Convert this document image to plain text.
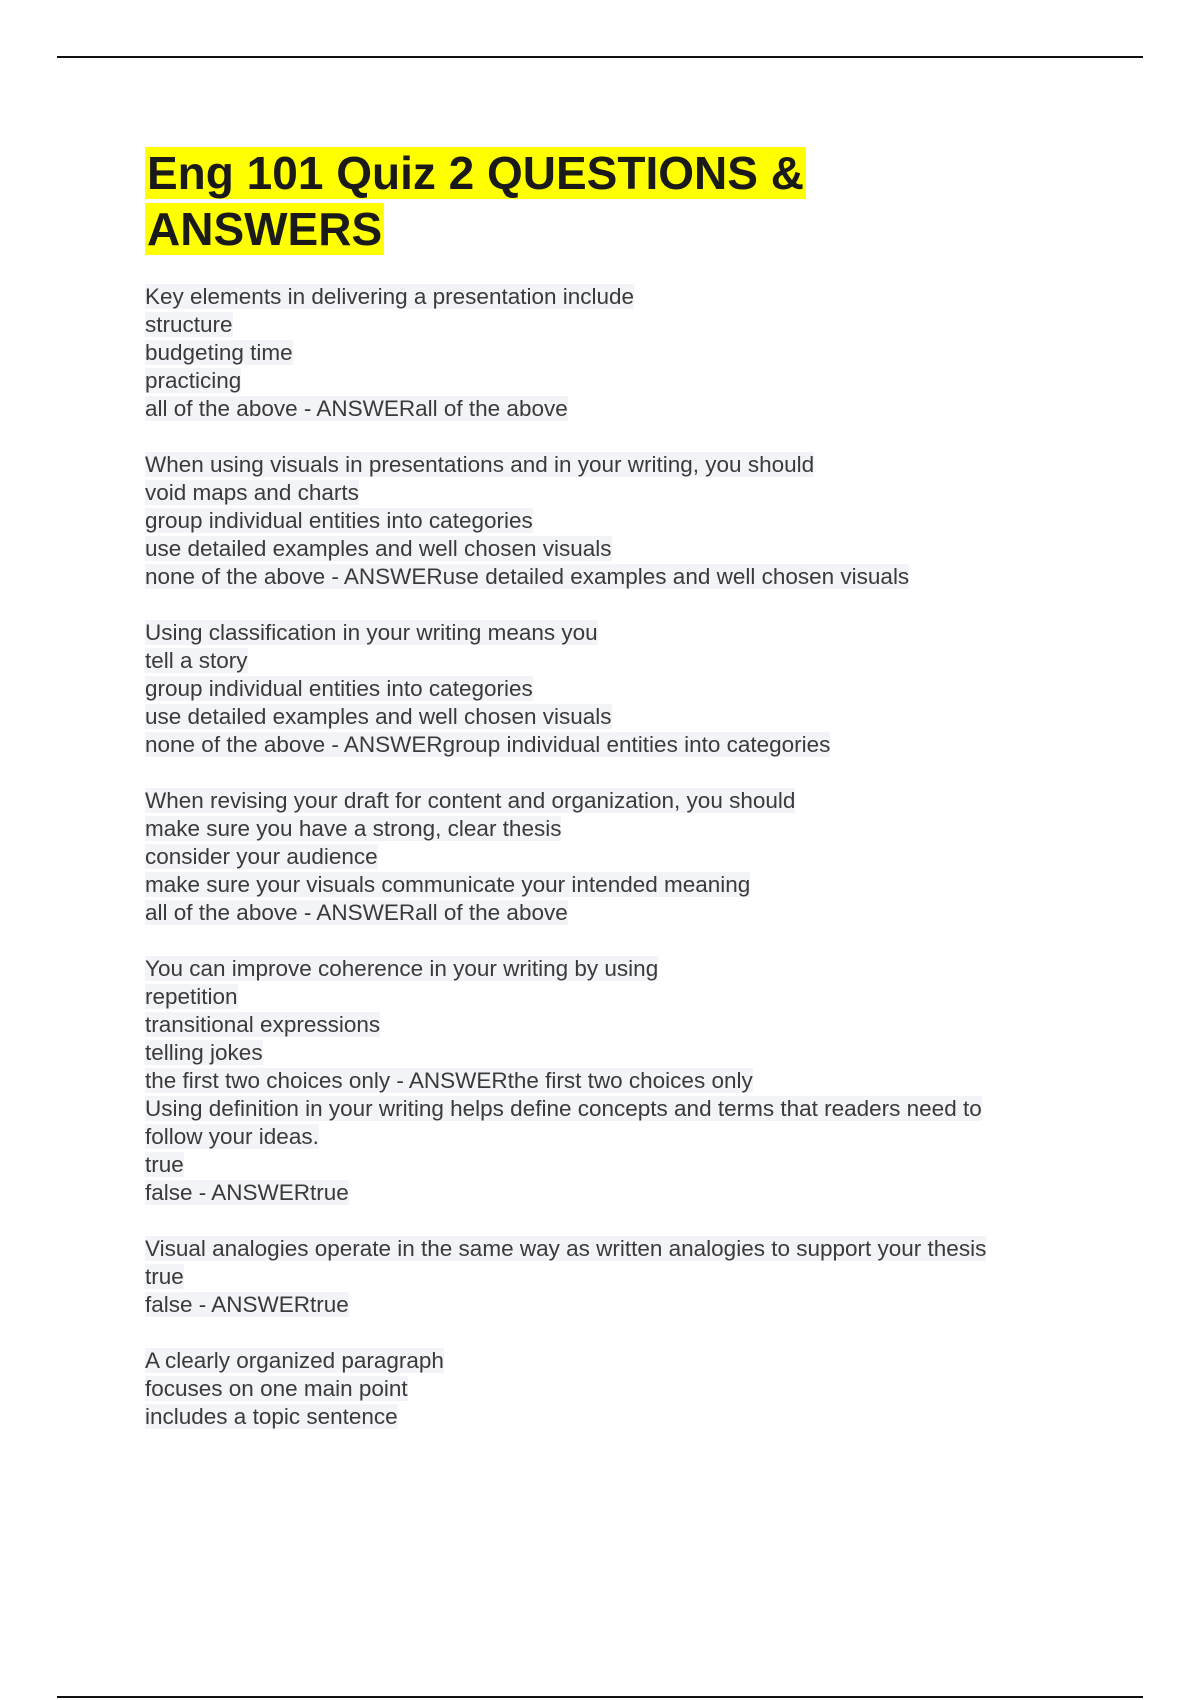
Eng 101 Quiz 2 QUESTIONS &
ANSWERS
Key elements in delivering a presentation include
structure
budgeting time
practicing
all of the above - ANSWERall of the above
When using visuals in presentations and in your writing, you should
void maps and charts
group individual entities into categories
use detailed examples and well chosen visuals
none of the above - ANSWERuse detailed examples and well chosen visuals
Using classification in your writing means you
tell a story
group individual entities into categories
use detailed examples and well chosen visuals
none of the above - ANSWERgroup individual entities into categories
When revising your draft for content and organization, you should
make sure you have a strong, clear thesis
consider your audience
make sure your visuals communicate your intended meaning
all of the above - ANSWERall of the above
You can improve coherence in your writing by using
repetition
transitional expressions
telling jokes
the first two choices only - ANSWERthe first two choices only
Using definition in your writing helps define concepts and terms that readers need to
follow your ideas.
true
false - ANSWERtrue
Visual analogies operate in the same way as written analogies to support your thesis
true
false - ANSWERtrue
A clearly organized paragraph
focuses on one main point
includes a topic sentence
